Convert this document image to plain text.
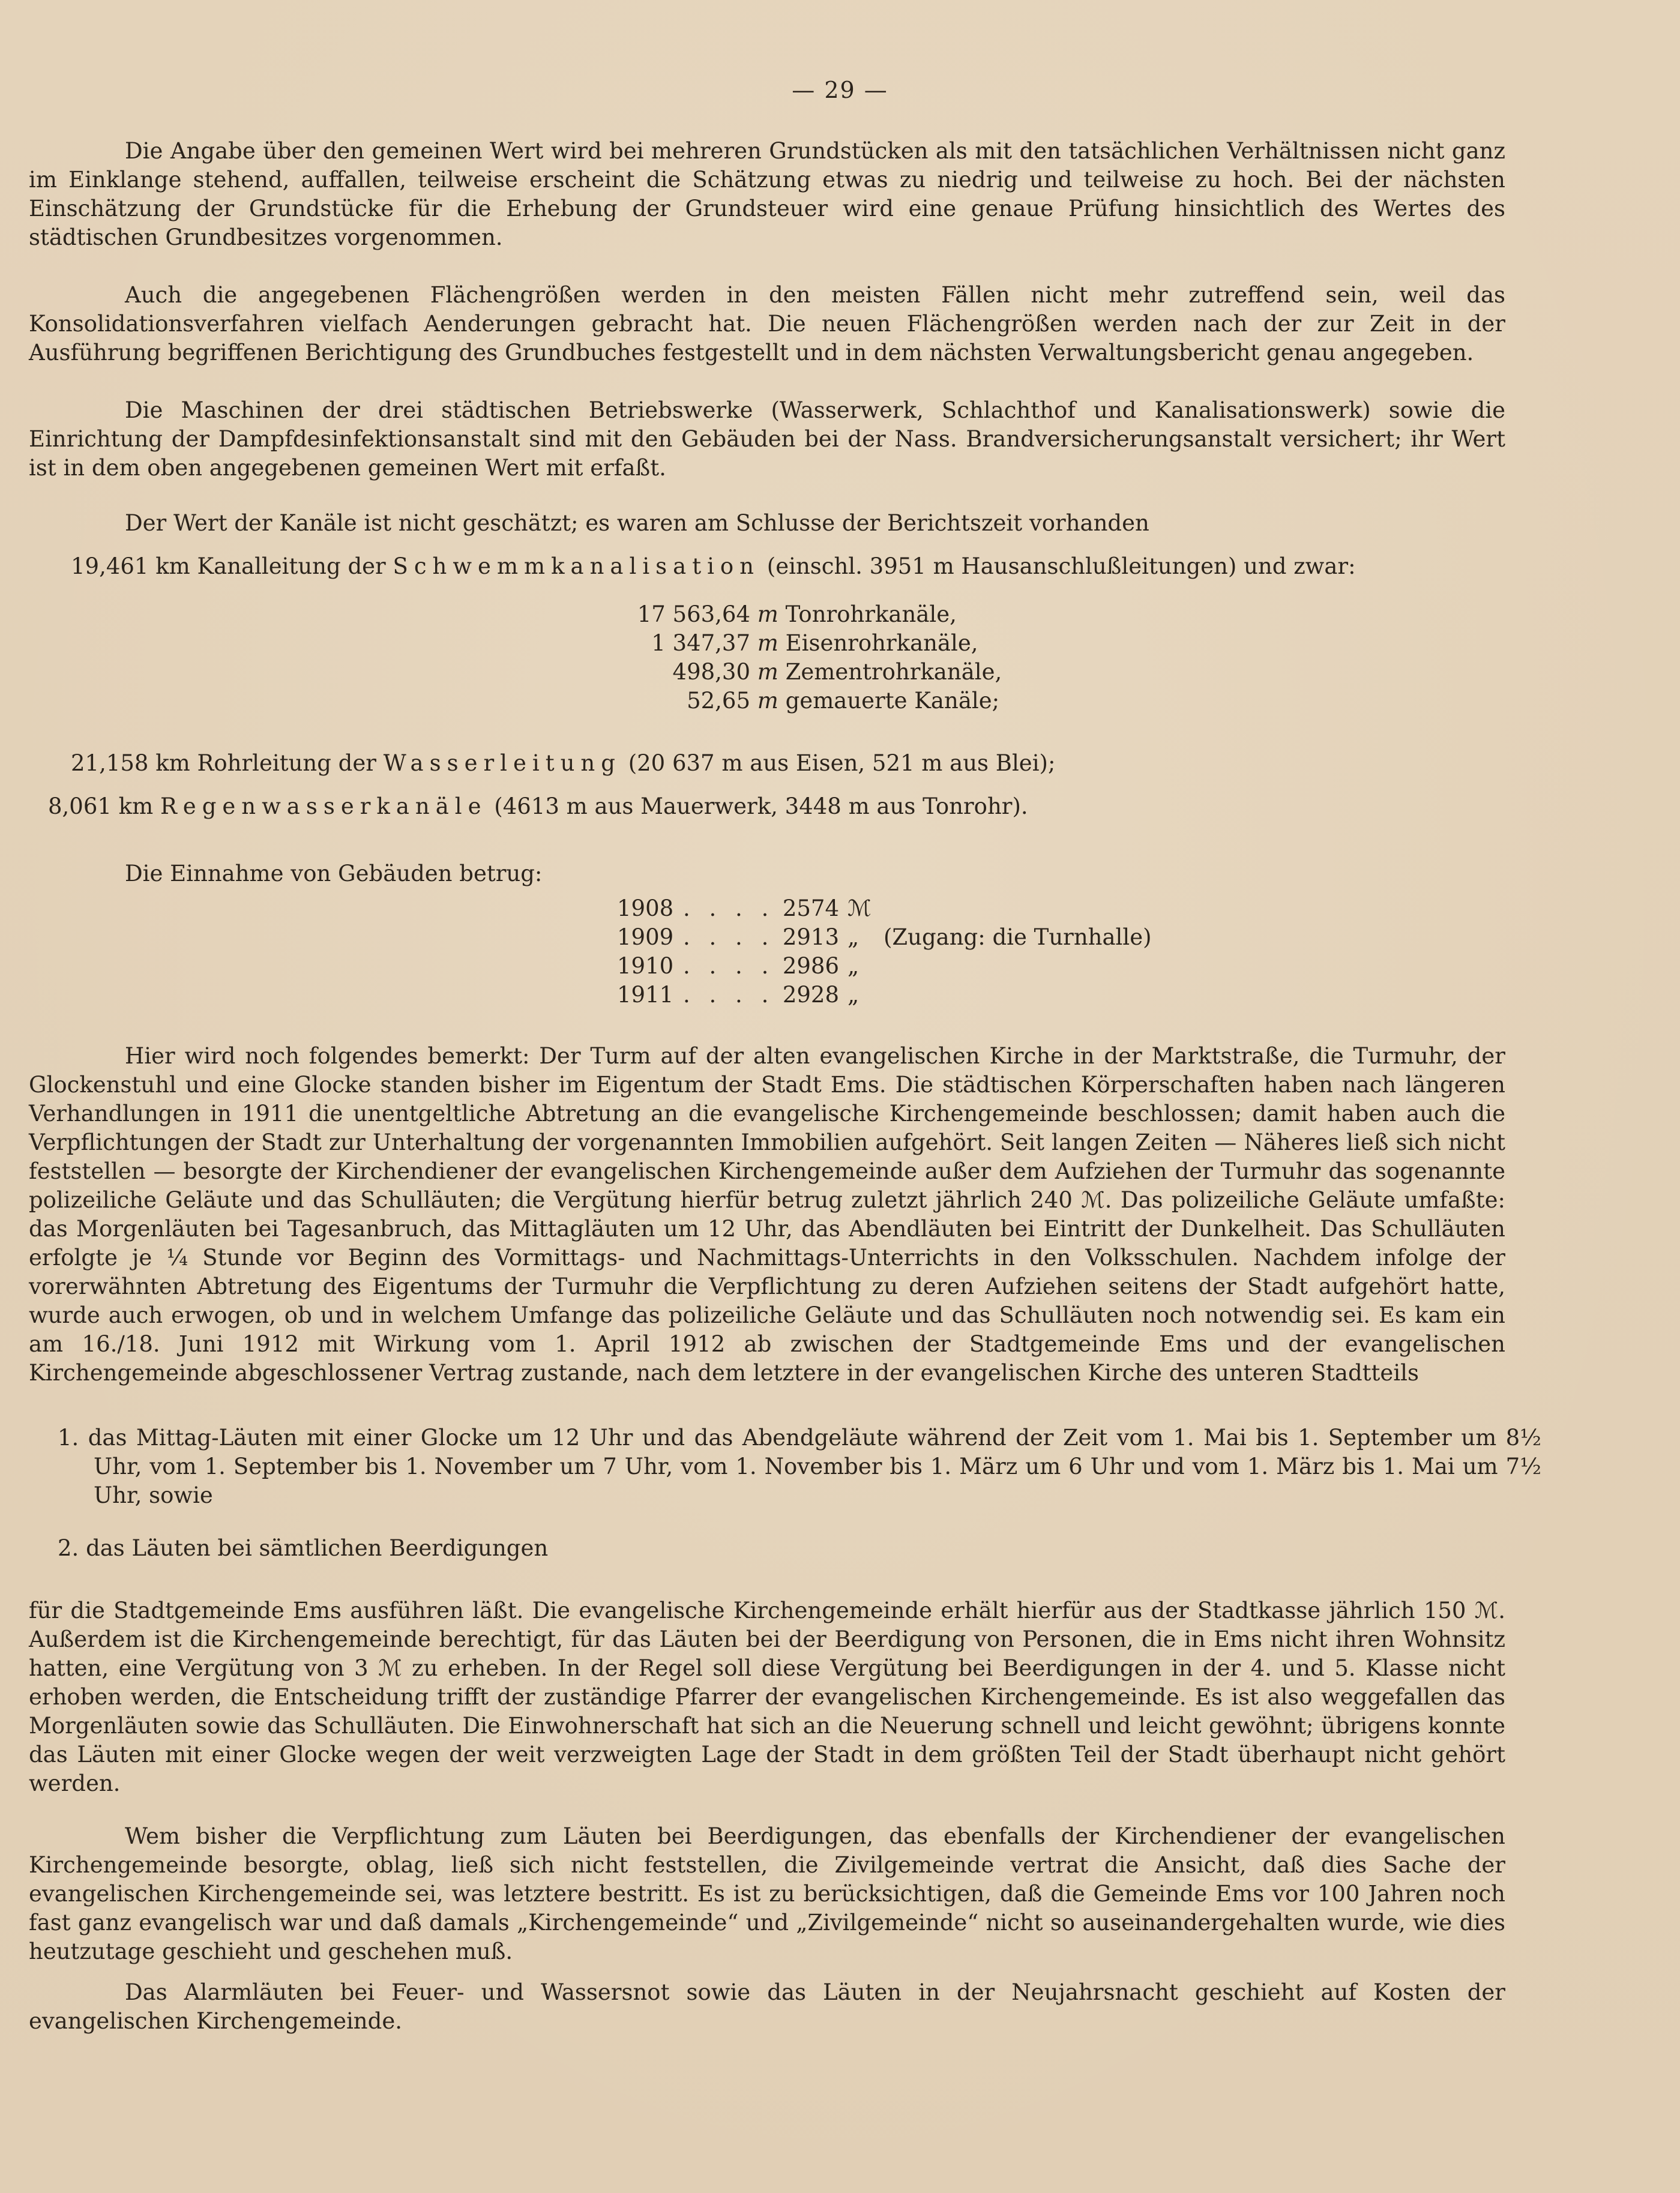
— 29 —
Die Angabe über den gemeinen Wert wird bei mehreren Grundstücken als mit den tatsächlichen Verhältnissen nicht ganz im Einklange stehend, auffallen, teilweise erscheint die Schätzung etwas zu niedrig und teilweise zu hoch. Bei der nächsten Einschätzung der Grundstücke für die Erhebung der Grundsteuer wird eine genaue Prüfung hinsichtlich des Wertes des städtischen Grundbesitzes vorgenommen.
Auch die angegebenen Flächengrößen werden in den meisten Fällen nicht mehr zutreffend sein, weil das Konsolidationsverfahren vielfach Aenderungen gebracht hat. Die neuen Flächengrößen werden nach der zur Zeit in der Ausführung begriffenen Berichtigung des Grundbuches festgestellt und in dem nächsten Verwaltungsbericht genau angegeben.
Die Maschinen der drei städtischen Betriebswerke (Wasserwerk, Schlachthof und Kanalisationswerk) sowie die Einrichtung der Dampfdesinfektionsanstalt sind mit den Gebäuden bei der Nass. Brandversicherungsanstalt versichert; ihr Wert ist in dem oben angegebenen gemeinen Wert mit erfaßt.
Der Wert der Kanäle ist nicht geschätzt; es waren am Schlusse der Berichtszeit vorhanden
19,461 km Kanalleitung der Schwemmkanalisation (einschl. 3951 m Hausanschlußleitungen) und zwar:
17 563,64 m Tonrohrkanäle,
1 347,37 m Eisenrohrkanäle,
498,30 m Zementrohrkanäle,
52,65 m gemauerte Kanäle;
21,158 km Rohrleitung der Wasserleitung (20 637 m aus Eisen, 521 m aus Blei);
8,061 km Regenwasserkanäle (4613 m aus Mauerwerk, 3448 m aus Tonrohr).
Die Einnahme von Gebäuden betrug:
1908 . . . . 2574 ℳ
1909 . . . . 2913 „ (Zugang: die Turnhalle)
1910 . . . . 2986 „
1911 . . . . 2928 „
Hier wird noch folgendes bemerkt: Der Turm auf der alten evangelischen Kirche in der Marktstraße, die Turmuhr, der Glockenstuhl und eine Glocke standen bisher im Eigentum der Stadt Ems. Die städtischen Körperschaften haben nach längeren Verhandlungen in 1911 die unentgeltliche Abtretung an die evangelische Kirchengemeinde beschlossen; damit haben auch die Verpflichtungen der Stadt zur Unterhaltung der vorgenannten Immobilien aufgehört. Seit langen Zeiten — Näheres ließ sich nicht feststellen — besorgte der Kirchendiener der evangelischen Kirchengemeinde außer dem Aufziehen der Turmuhr das sogenannte polizeiliche Geläute und das Schulläuten; die Vergütung hierfür betrug zuletzt jährlich 240 ℳ. Das polizeiliche Geläute umfaßte: das Morgenläuten bei Tagesanbruch, das Mittagläuten um 12 Uhr, das Abendläuten bei Eintritt der Dunkelheit. Das Schulläuten erfolgte je ¼ Stunde vor Beginn des Vormittags- und Nachmittags-Unterrichts in den Volksschulen. Nachdem infolge der vorerwähnten Abtretung des Eigentums der Turmuhr die Verpflichtung zu deren Aufziehen seitens der Stadt aufgehört hatte, wurde auch erwogen, ob und in welchem Umfange das polizeiliche Geläute und das Schulläuten noch notwendig sei. Es kam ein am 16./18. Juni 1912 mit Wirkung vom 1. April 1912 ab zwischen der Stadtgemeinde Ems und der evangelischen Kirchengemeinde abgeschlossener Vertrag zustande, nach dem letztere in der evangelischen Kirche des unteren Stadtteils
1. das Mittag-Läuten mit einer Glocke um 12 Uhr und das Abendgeläute während der Zeit vom 1. Mai bis 1. September um 8½ Uhr, vom 1. September bis 1. November um 7 Uhr, vom 1. November bis 1. März um 6 Uhr und vom 1. März bis 1. Mai um 7½ Uhr, sowie
2. das Läuten bei sämtlichen Beerdigungen
für die Stadtgemeinde Ems ausführen läßt. Die evangelische Kirchengemeinde erhält hierfür aus der Stadtkasse jährlich 150 ℳ. Außerdem ist die Kirchengemeinde berechtigt, für das Läuten bei der Beerdigung von Personen, die in Ems nicht ihren Wohnsitz hatten, eine Vergütung von 3 ℳ zu erheben. In der Regel soll diese Vergütung bei Beerdigungen in der 4. und 5. Klasse nicht erhoben werden, die Entscheidung trifft der zuständige Pfarrer der evangelischen Kirchengemeinde. Es ist also weggefallen das Morgenläuten sowie das Schulläuten. Die Einwohnerschaft hat sich an die Neuerung schnell und leicht gewöhnt; übrigens konnte das Läuten mit einer Glocke wegen der weit verzweigten Lage der Stadt in dem größten Teil der Stadt überhaupt nicht gehört werden.
Wem bisher die Verpflichtung zum Läuten bei Beerdigungen, das ebenfalls der Kirchendiener der evangelischen Kirchengemeinde besorgte, oblag, ließ sich nicht feststellen, die Zivilgemeinde vertrat die Ansicht, daß dies Sache der evangelischen Kirchengemeinde sei, was letztere bestritt. Es ist zu berücksichtigen, daß die Gemeinde Ems vor 100 Jahren noch fast ganz evangelisch war und daß damals „Kirchengemeinde“ und „Zivilgemeinde“ nicht so auseinandergehalten wurde, wie dies heutzutage geschieht und geschehen muß.
Das Alarmläuten bei Feuer- und Wassersnot sowie das Läuten in der Neujahrsnacht geschieht auf Kosten der evangelischen Kirchengemeinde.
